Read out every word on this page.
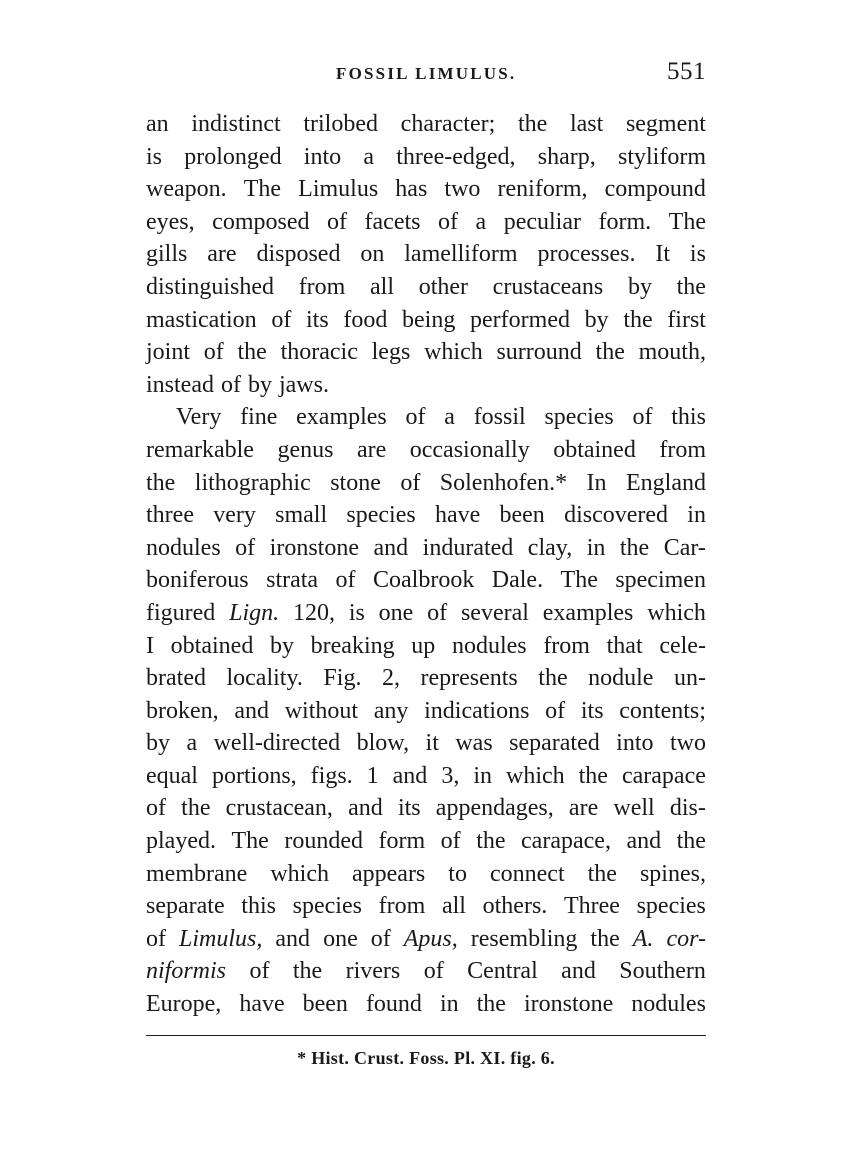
FOSSIL LIMULUS.	551
an indistinct trilobed character; the last segment
is prolonged into a three-edged, sharp, styliform
weapon. The Limulus has two reniform, compound
eyes, composed of facets of a peculiar form. The
gills are disposed on lamelliform processes. It is
distinguished from all other crustaceans by the
mastication of its food being performed by the first
joint of the thoracic legs which surround the mouth,
instead of by jaws.
Very fine examples of a fossil species of this
remarkable genus are occasionally obtained from
the lithographic stone of Solenhofen.* In England
three very small species have been discovered in
nodules of ironstone and indurated clay, in the Car-
boniferous strata of Coalbrook Dale. The specimen
figured Lign. 120, is one of several examples which
I obtained by breaking up nodules from that cele-
brated locality. Fig. 2, represents the nodule un-
broken, and without any indications of its contents;
by a well-directed blow, it was separated into two
equal portions, figs. 1 and 3, in which the carapace
of the crustacean, and its appendages, are well dis-
played. The rounded form of the carapace, and the
membrane which appears to connect the spines,
separate this species from all others. Three species
of Limulus, and one of Apus, resembling the A. cor-
niformis of the rivers of Central and Southern
Europe, have been found in the ironstone nodules
* Hist. Crust. Foss. Pl. XI. fig. 6.
